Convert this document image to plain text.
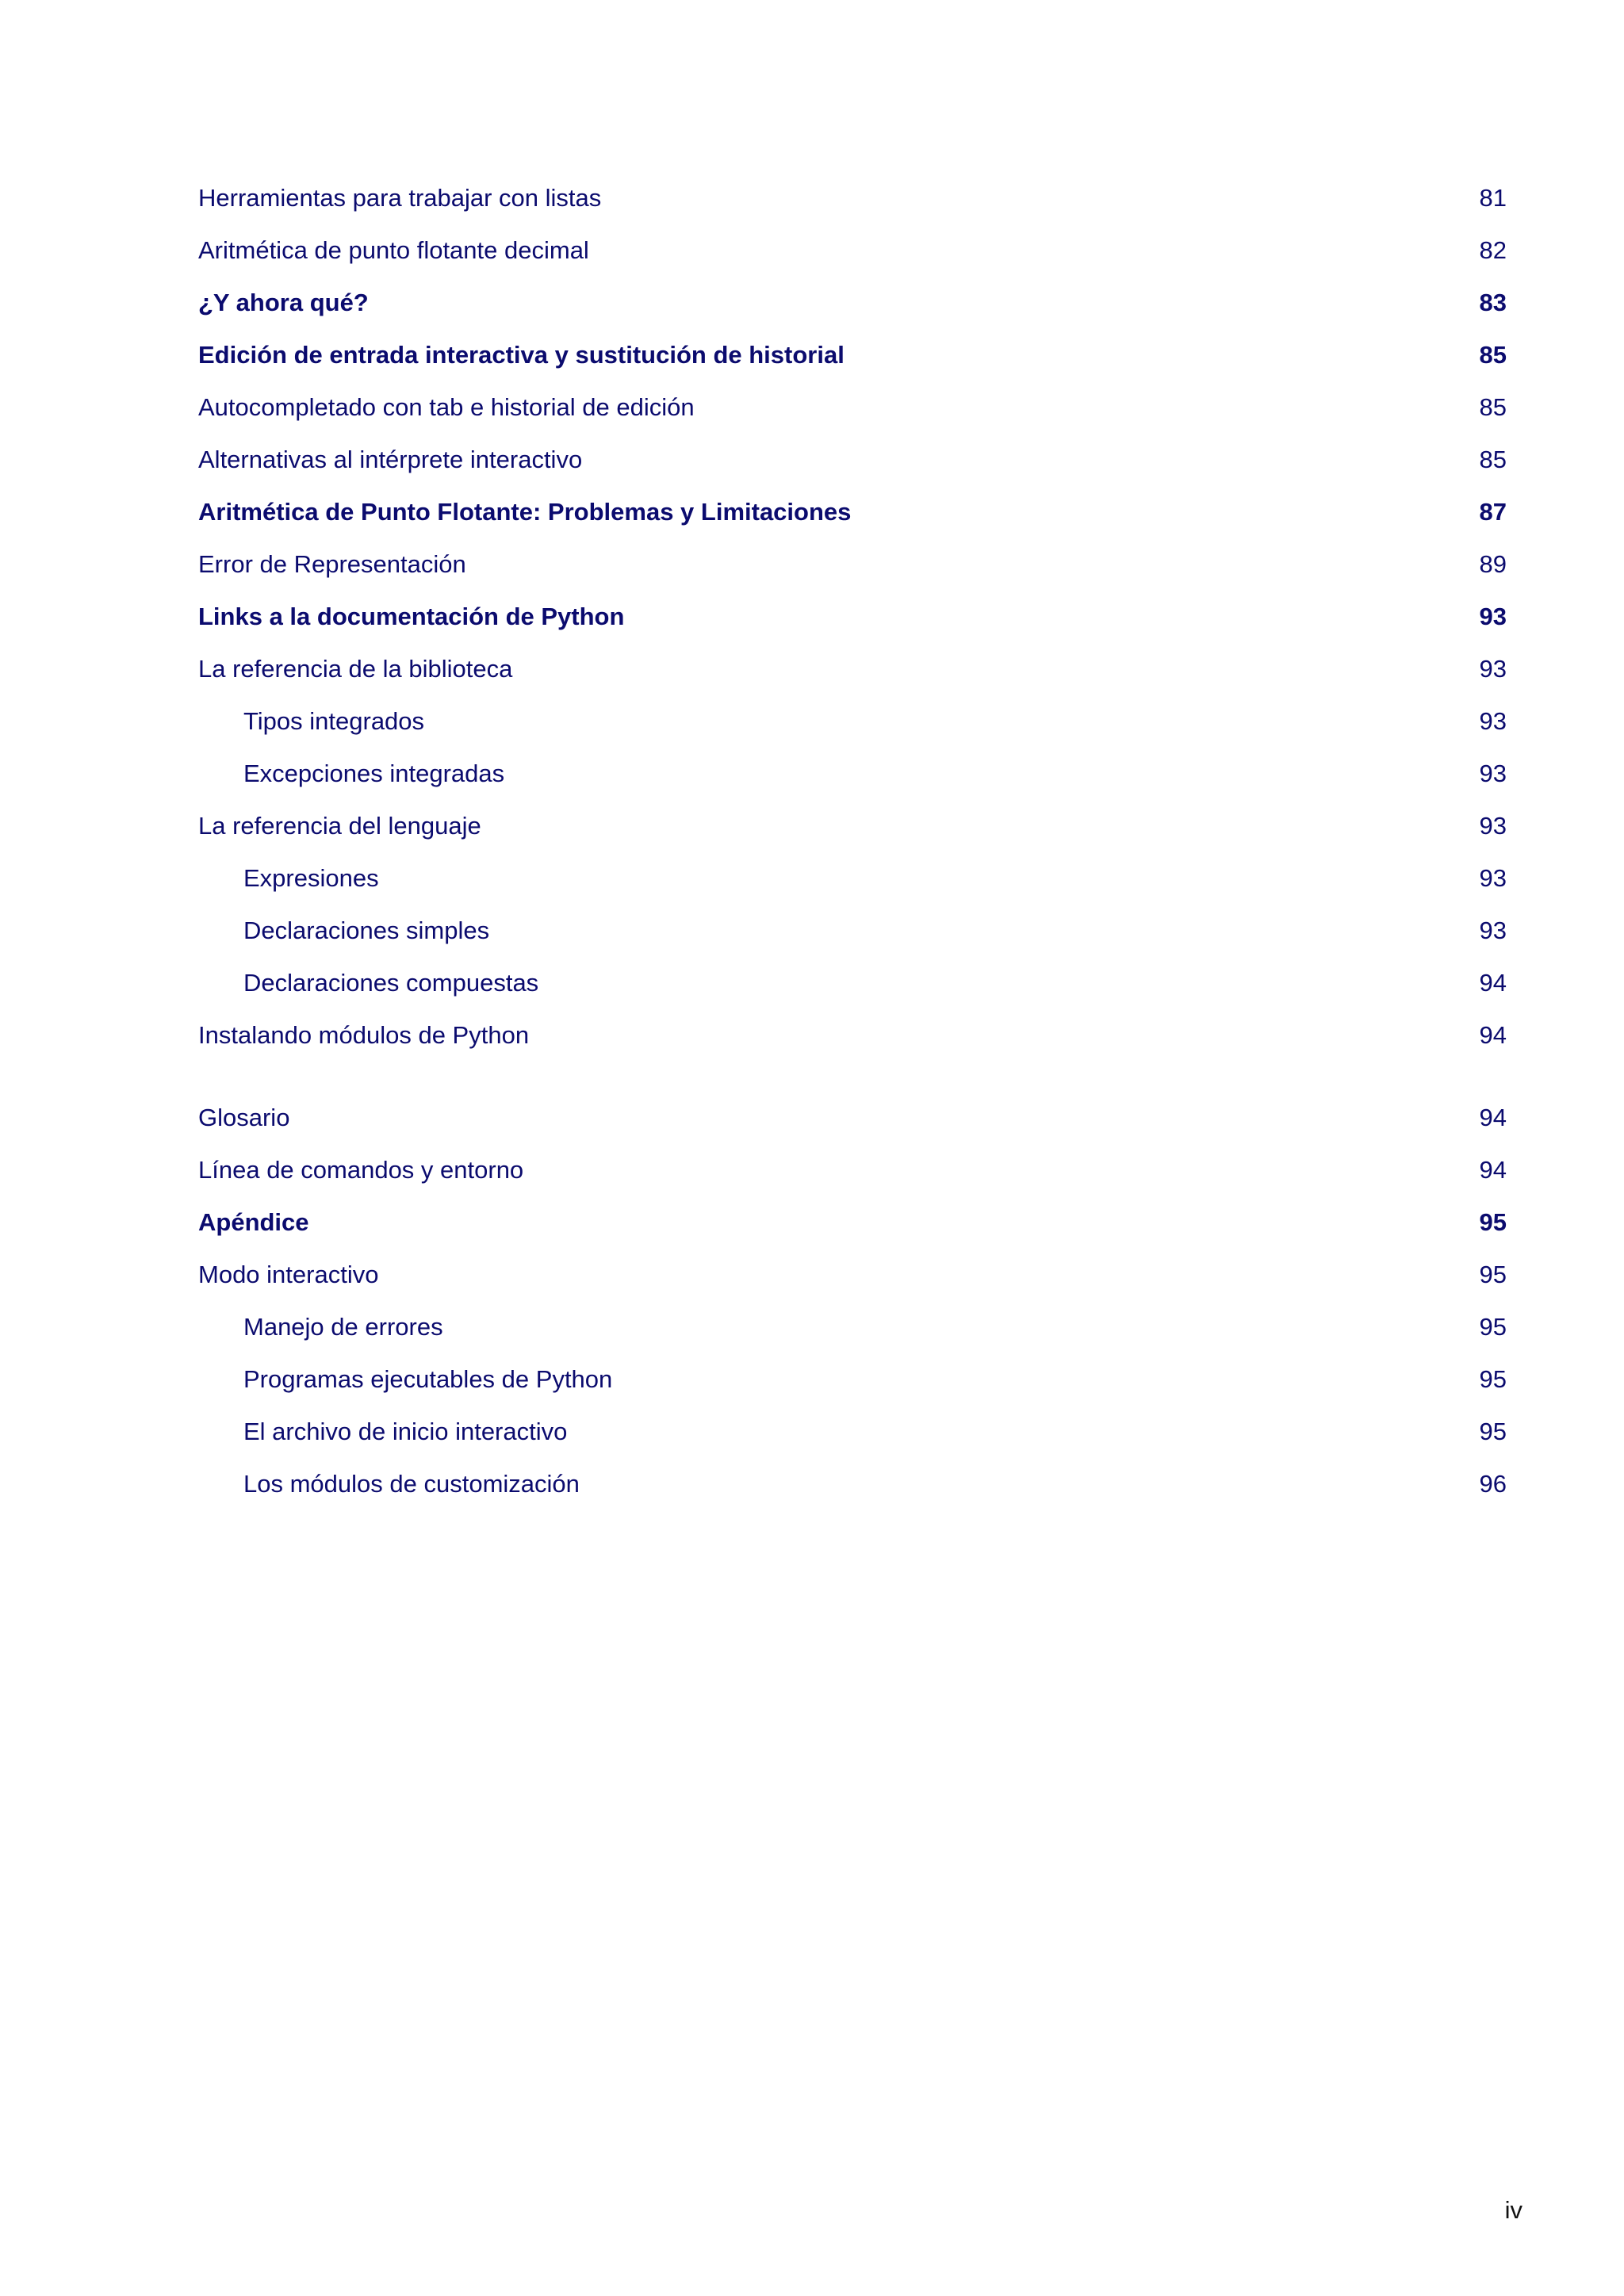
Herramientas para trabajar con listas	81
Aritmética de punto flotante decimal	82
¿Y ahora qué?	83
Edición de entrada interactiva y sustitución de historial	85
Autocompletado con tab e historial de edición	85
Alternativas al intérprete interactivo	85
Aritmética de Punto Flotante: Problemas y Limitaciones	87
Error de Representación	89
Links a la documentación de Python	93
La referencia de la biblioteca	93
Tipos integrados	93
Excepciones integradas	93
La referencia del lenguaje	93
Expresiones	93
Declaraciones simples	93
Declaraciones compuestas	94
Instalando módulos de Python	94
Glosario	94
Línea de comandos y entorno	94
Apéndice	95
Modo interactivo	95
Manejo de errores	95
Programas ejecutables de Python	95
El archivo de inicio interactivo	95
Los módulos de customización	96
iv
